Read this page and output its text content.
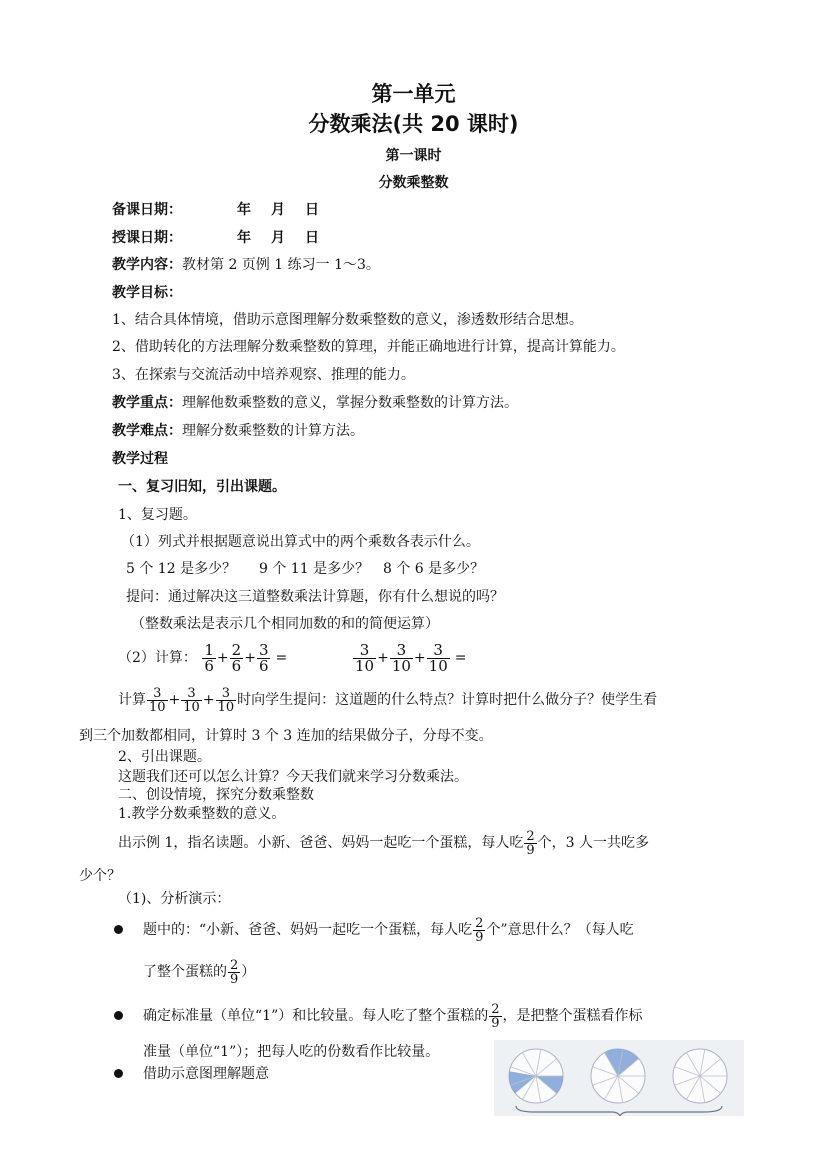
第一单元
分数乘法(共 20 课时)
第一课时
分数乘整数
备课日期：	年 月 日
授课日期：	年 月 日
教学内容：教材第 2 页例 1 练习一 1～3。
教学目标：
1、结合具体情境，借助示意图理解分数乘整数的意义，渗透数形结合思想。
2、借助转化的方法理解分数乘整数的算理，并能正确地进行计算，提高计算能力。
3、在探索与交流活动中培养观察、推理的能力。
教学重点：理解他数乘整数的意义，掌握分数乘整数的计算方法。
教学难点：理解分数乘整数的计算方法。
教学过程
一、复习旧知，引出课题。
1、复习题。
（1）列式并根据题意说出算式中的两个乘数各表示什么。
5 个 12 是多少？ 9 个 11 是多少？ 8 个 6 是多少？
提问：通过解决这三道整数乘法计算题，你有什么想说的吗？
（整数乘法是表示几个相同加数的和的简便运算）
（2）计算： $\frac{1}{6} + \frac{2}{6} + \frac{3}{6}$ =	$\frac{3}{10} + \frac{3}{10} + \frac{3}{10}$ =
计算 $\frac{3}{10} + \frac{3}{10} + \frac{3}{10}$ 时向学生提问：这道题的什么特点？计算时把什么做分子？使学生看
到三个加数都相同，计算时 3 个 3 连加的结果做分子，分母不变。
2、引出课题。
这题我们还可以怎么计算？今天我们就来学习分数乘法。
二、创设情境，探究分数乘整数
1.教学分数乘整数的意义。
出示例 1，指名读题。小新、爸爸、妈妈一起吃一个蛋糕，每人吃 $\frac{2}{9}$ 个，3 人一共吃多
少个？
（1)、分析演示：
题中的：“小新、爸爸、妈妈一起吃一个蛋糕，每人吃 $\frac{2}{9}$ 个”意思什么？（每人吃
了整个蛋糕的 $\frac{2}{9}$ ）
确定标准量（单位“1”）和比较量。每人吃了整个蛋糕的 $\frac{2}{9}$ ，是把整个蛋糕看作标
准量（单位“1”）；把每人吃的份数看作比较量。
借助示意图理解题意
